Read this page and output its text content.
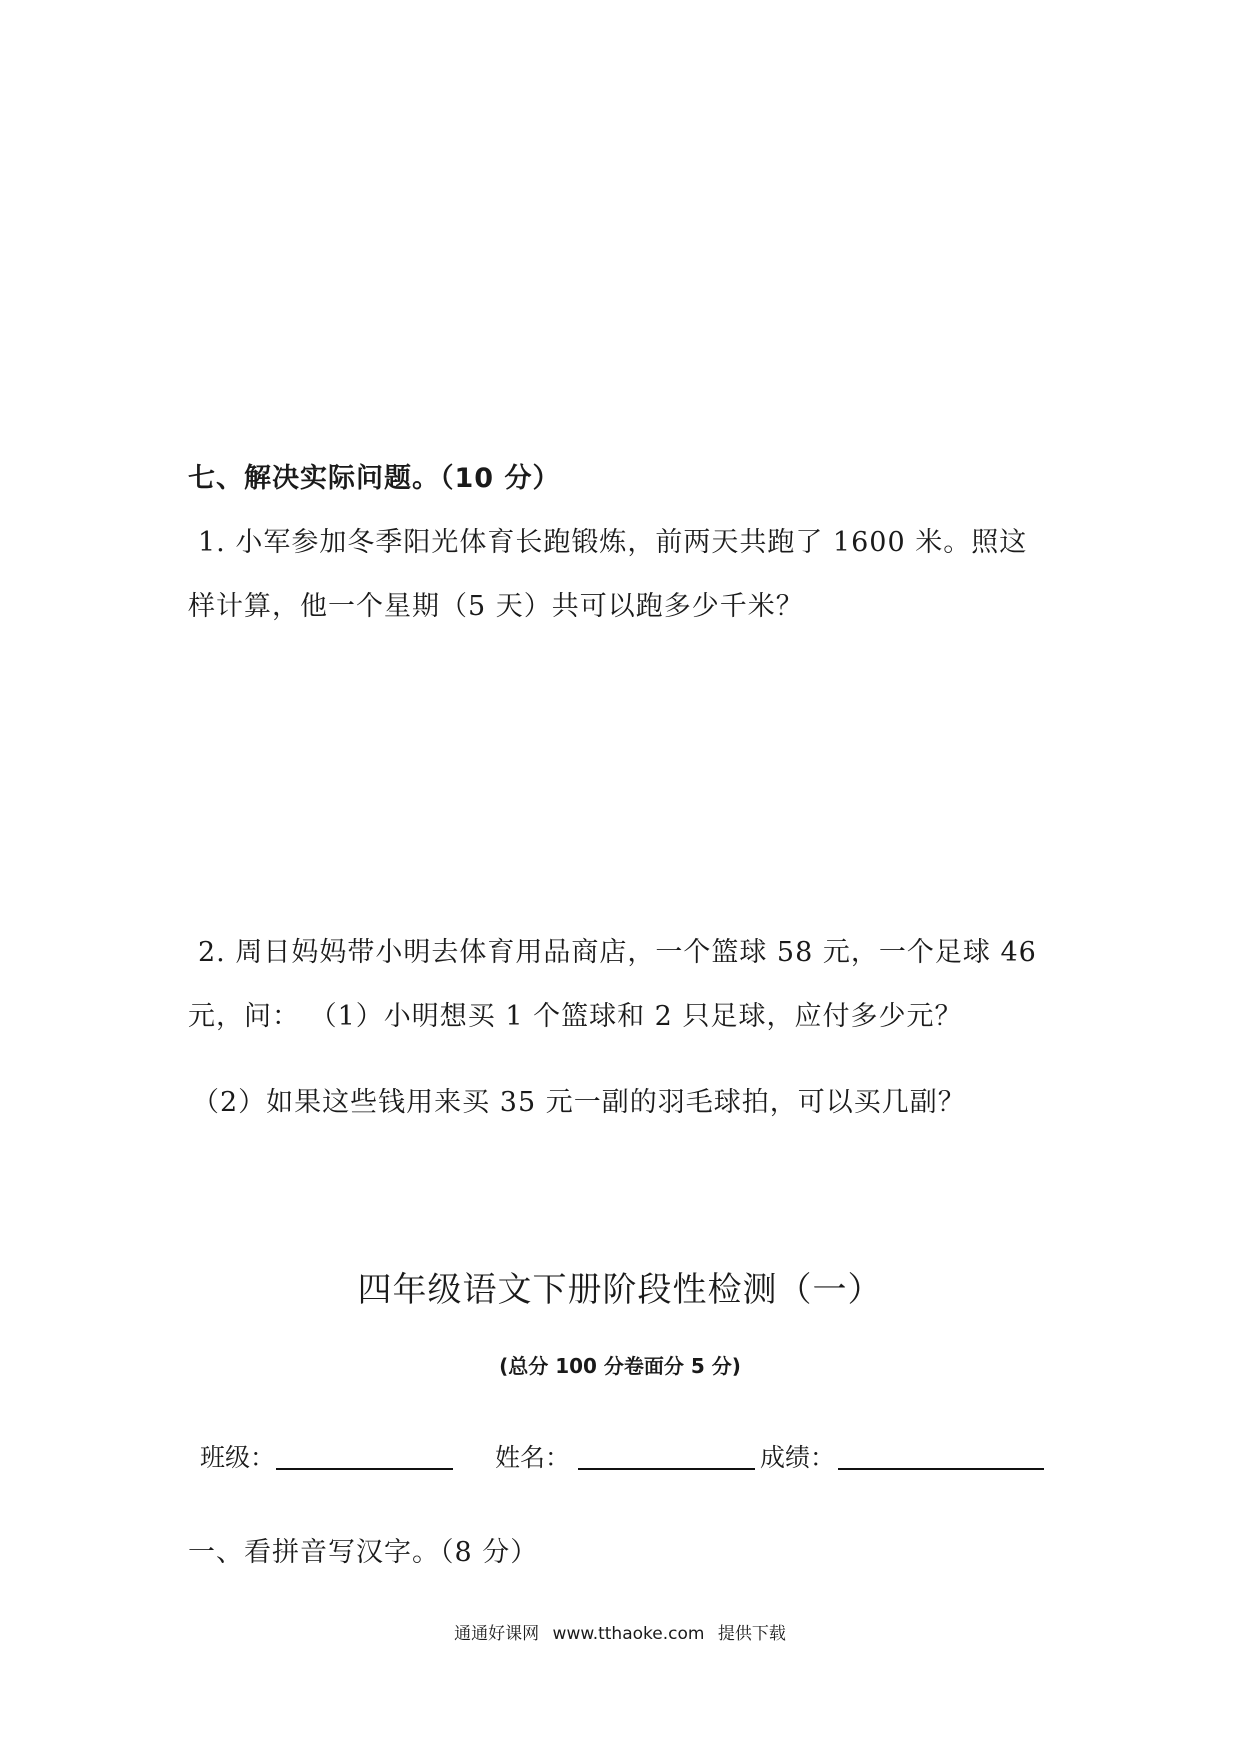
七、解决实际问题。（10 分）
1. 小军参加冬季阳光体育长跑锻炼，前两天共跑了 1600 米。照这
样计算，他一个星期（5 天）共可以跑多少千米？
2. 周日妈妈带小明去体育用品商店，一个篮球 58 元，一个足球 46
元，问： （1）小明想买 1 个篮球和 2 只足球，应付多少元？
（2）如果这些钱用来买 35 元一副的羽毛球拍，可以买几副？
四年级语文下册阶段性检测（一）
(总分 100 分卷面分 5 分)
班级：	姓名：	成绩：
一、看拼音写汉字。（8 分）
通通好课网 www.tthaoke.com 提供下载
